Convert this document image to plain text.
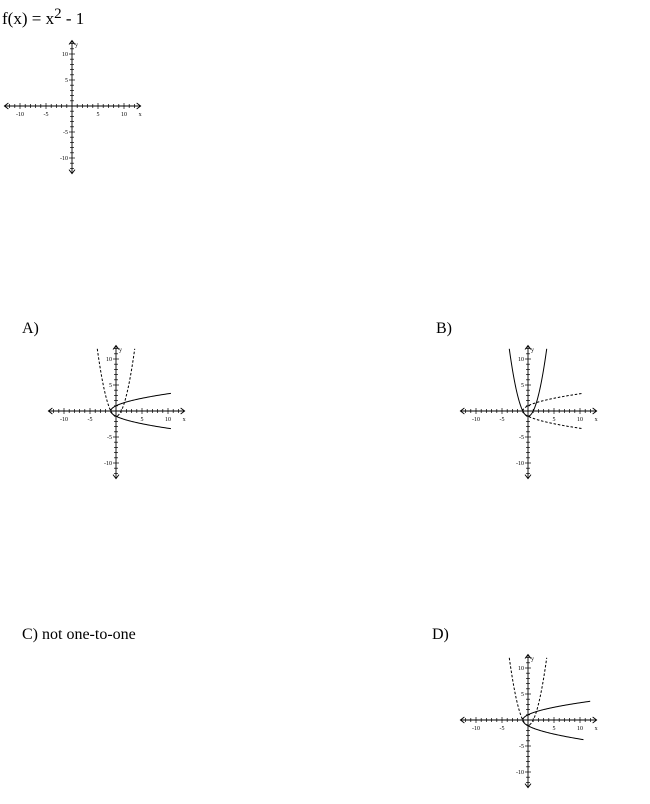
$f(x) = x^2 - 1$
-10	-5	5	10
10
5
-5
-10
x
y
A)
-10	-5	5	10
10
5
-5
-10
x
y
B)
-10	-5	5	10
10
5
-5
-10
x
y
C) not one-to-one	D)
-10	-5	5	10
10
5
-5
-10
x
y
